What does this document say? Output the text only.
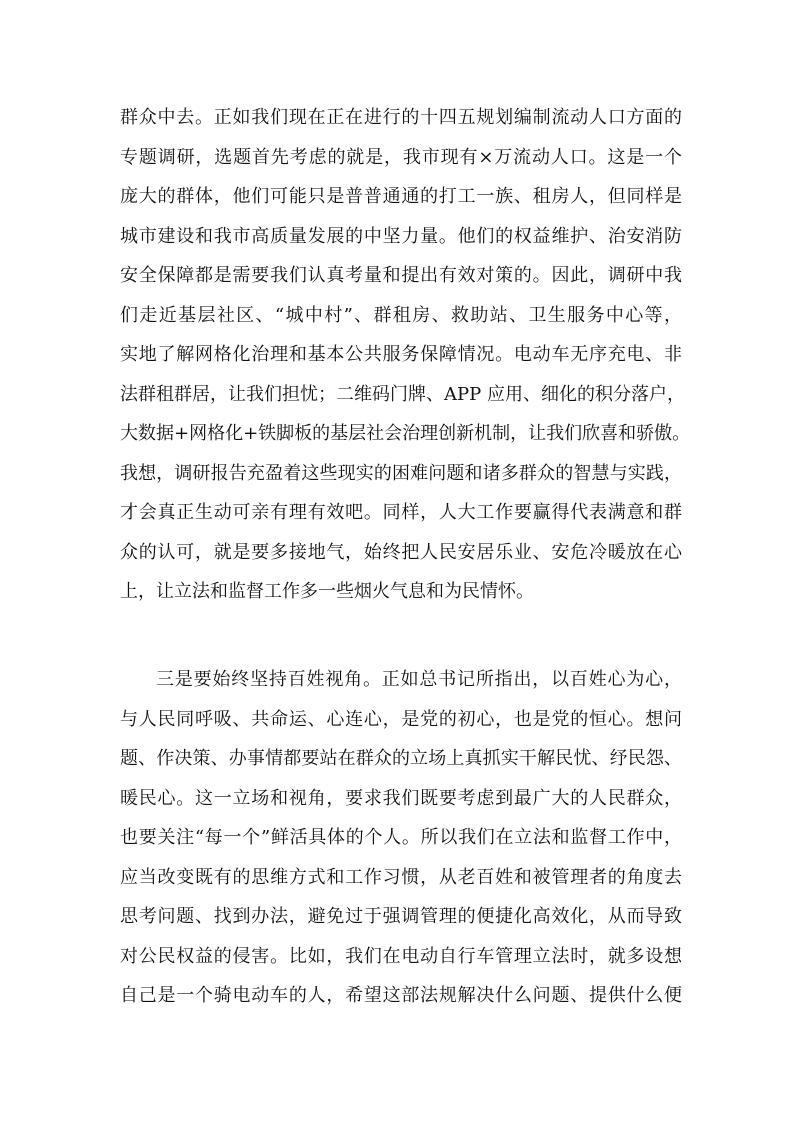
群众中去。正如我们现在正在进行的十四五规划编制流动人口方面的
专题调研，选题首先考虑的就是，我市现有×万流动人口。这是一个
庞大的群体，他们可能只是普普通通的打工一族、租房人，但同样是
城市建设和我市高质量发展的中坚力量。他们的权益维护、治安消防
安全保障都是需要我们认真考量和提出有效对策的。因此，调研中我
们走近基层社区、“城中村”、群租房、救助站、卫生服务中心等，
实地了解网格化治理和基本公共服务保障情况。电动车无序充电、非
法群租群居，让我们担忧；二维码门牌、APP 应用、细化的积分落户，
大数据+网格化+铁脚板的基层社会治理创新机制，让我们欣喜和骄傲。
我想，调研报告充盈着这些现实的困难问题和诸多群众的智慧与实践，
才会真正生动可亲有理有效吧。同样，人大工作要赢得代表满意和群
众的认可，就是要多接地气，始终把人民安居乐业、安危冷暖放在心
上，让立法和监督工作多一些烟火气息和为民情怀。
三是要始终坚持百姓视角。正如总书记所指出，以百姓心为心，
与人民同呼吸、共命运、心连心，是党的初心，也是党的恒心。想问
题、作决策、办事情都要站在群众的立场上真抓实干解民忧、纾民怨、
暖民心。这一立场和视角，要求我们既要考虑到最广大的人民群众，
也要关注“每一个”鲜活具体的个人。所以我们在立法和监督工作中，
应当改变既有的思维方式和工作习惯，从老百姓和被管理者的角度去
思考问题、找到办法，避免过于强调管理的便捷化高效化，从而导致
对公民权益的侵害。比如，我们在电动自行车管理立法时，就多设想
自己是一个骑电动车的人，希望这部法规解决什么问题、提供什么便
